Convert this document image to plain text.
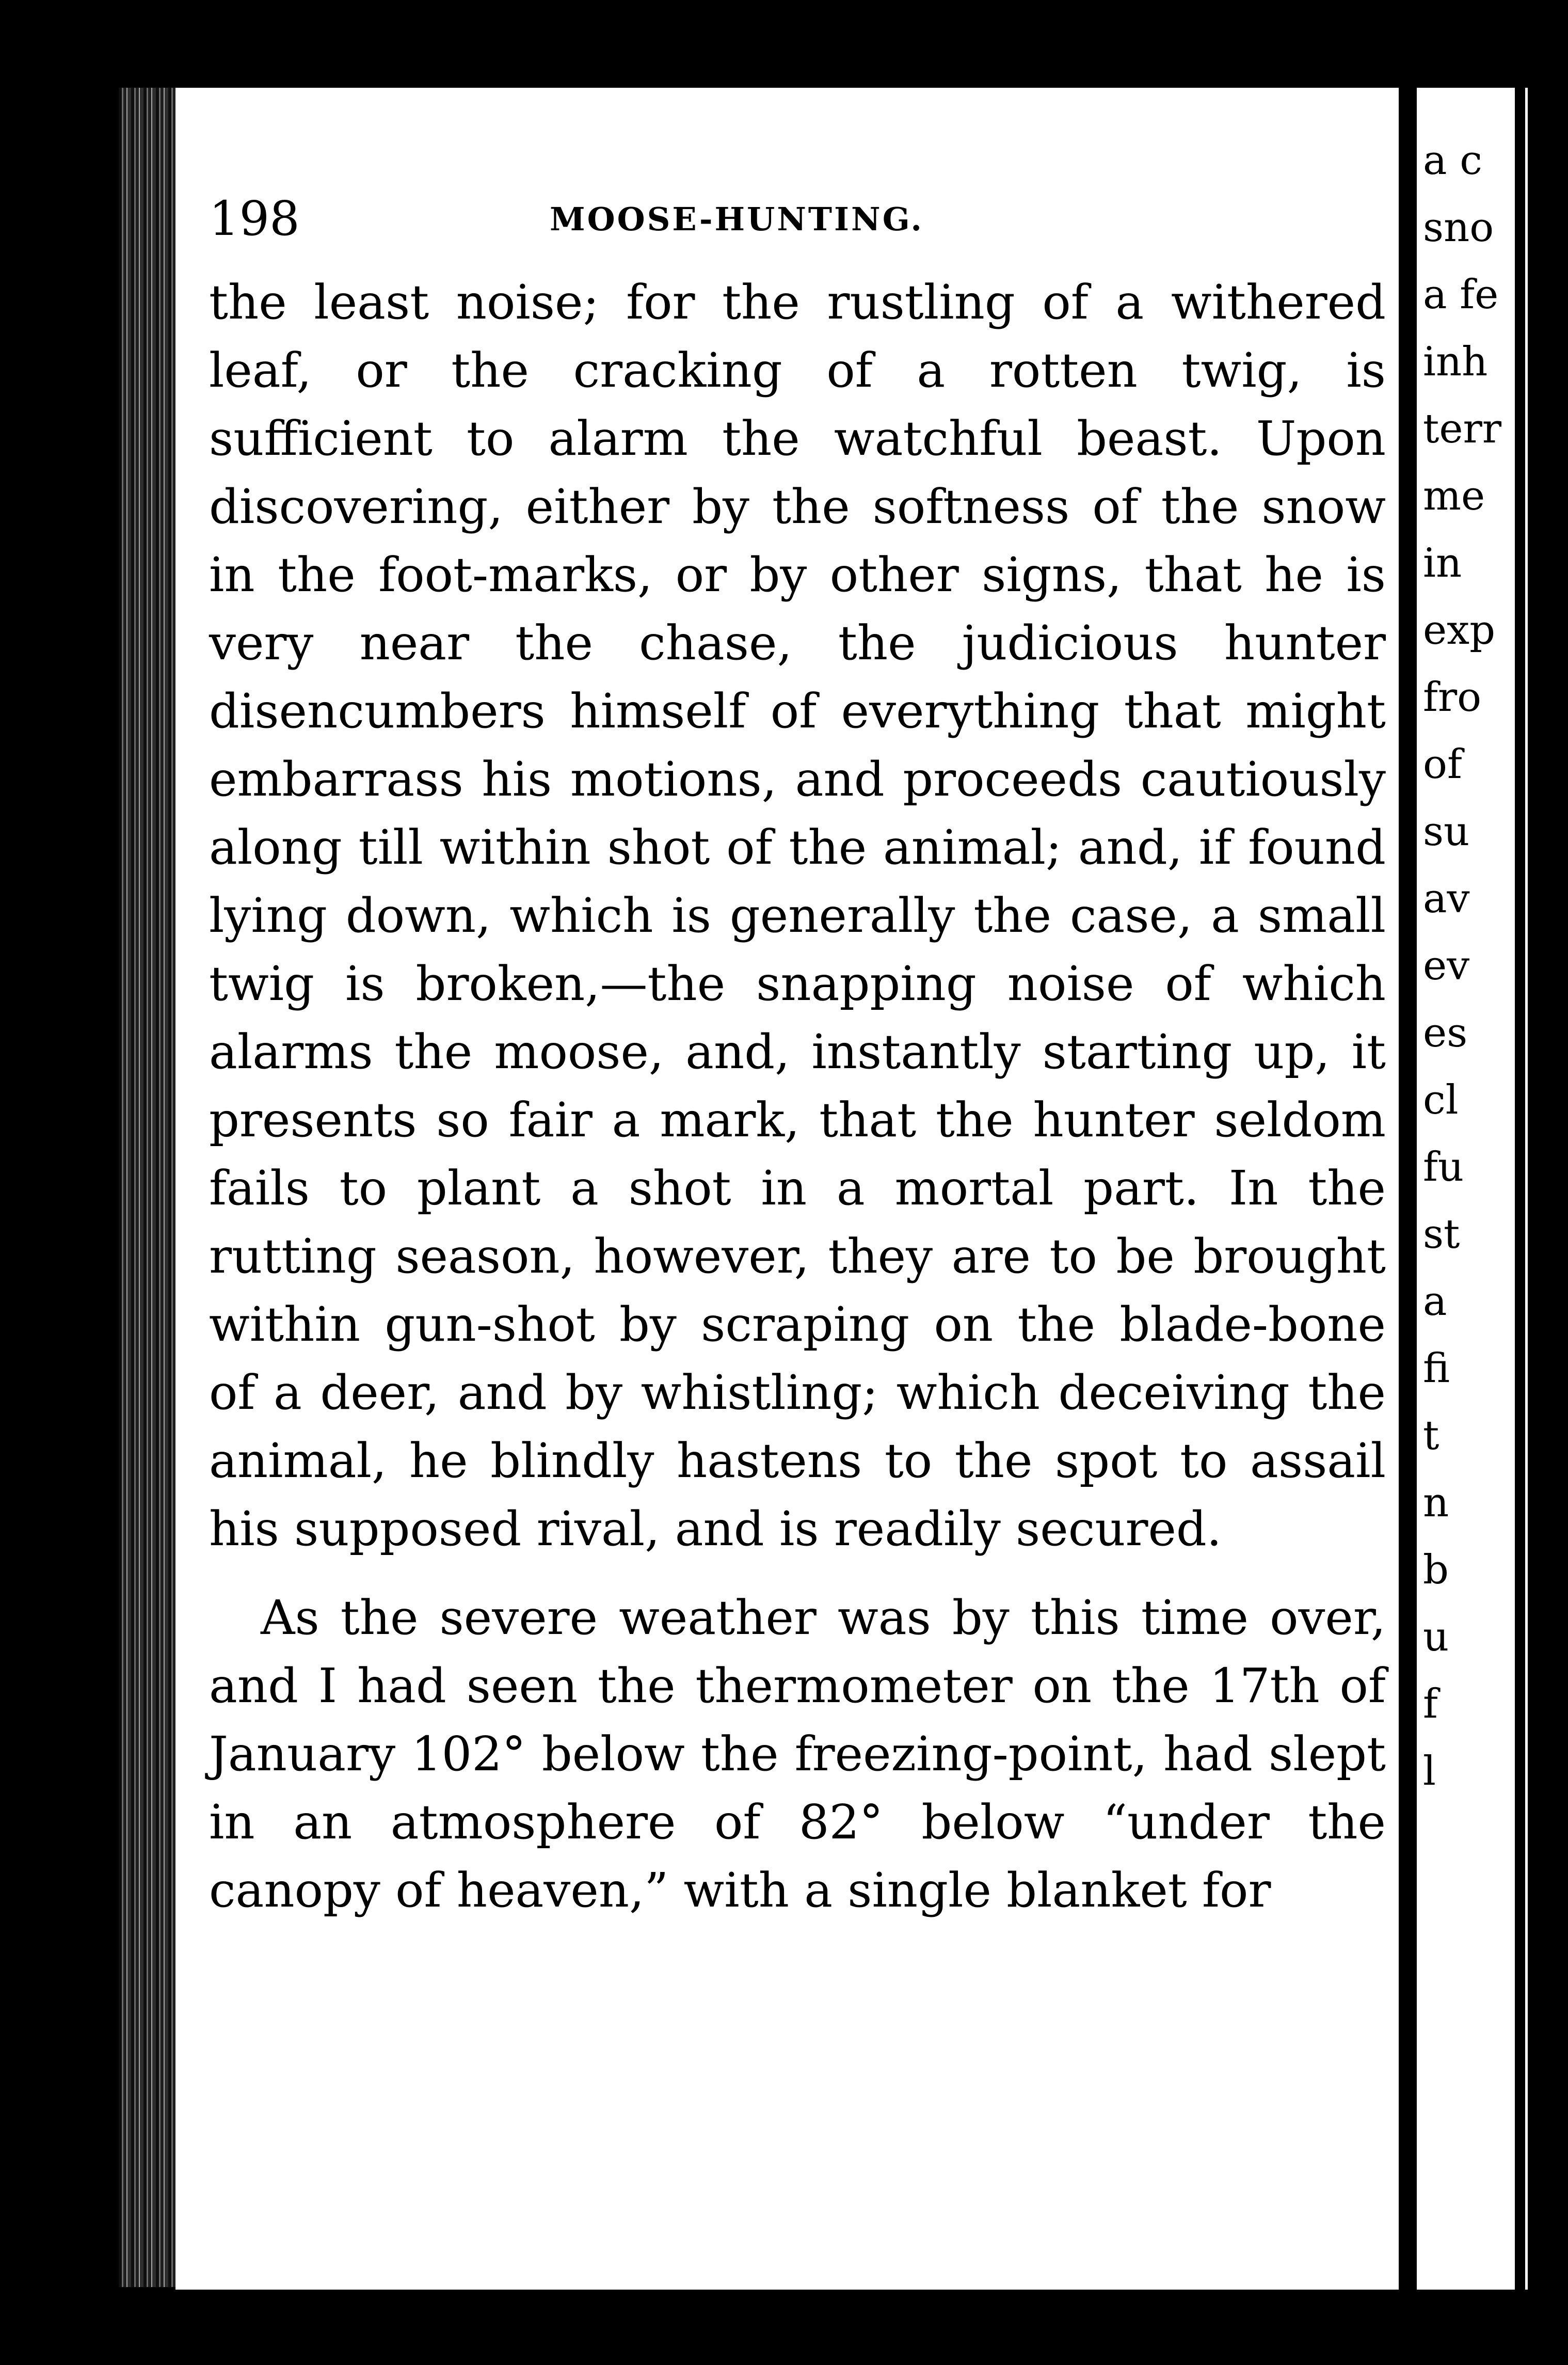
198	MOOSE-HUNTING.

the least noise; for the rustling of a withered leaf, or the cracking of a rotten twig, is sufficient to alarm the watchful beast. Upon discovering, either by the softness of the snow in the foot-marks, or by other signs, that he is very near the chase, the judicious hunter disencumbers himself of everything that might embarrass his motions, and proceeds cautiously along till within shot of the animal; and, if found lying down, which is generally the case, a small twig is broken,—the snapping noise of which alarms the moose, and, instantly starting up, it presents so fair a mark, that the hunter seldom fails to plant a shot in a mortal part. In the rutting season, however, they are to be brought within gun-shot by scraping on the blade-bone of a deer, and by whistling; which deceiving the animal, he blindly hastens to the spot to assail his supposed rival, and is readily secured.

As the severe weather was by this time over, and I had seen the thermometer on the 17th of January 102° below the freezing-point, had slept in an atmosphere of 82° below “under the canopy of heaven,” with a single blanket for

a c
sno
a fe
inh
terr
me
in
exp
fro
of
su
av
ev
es
cl
fu
st
a
fi
t
n
b
u
f
l
